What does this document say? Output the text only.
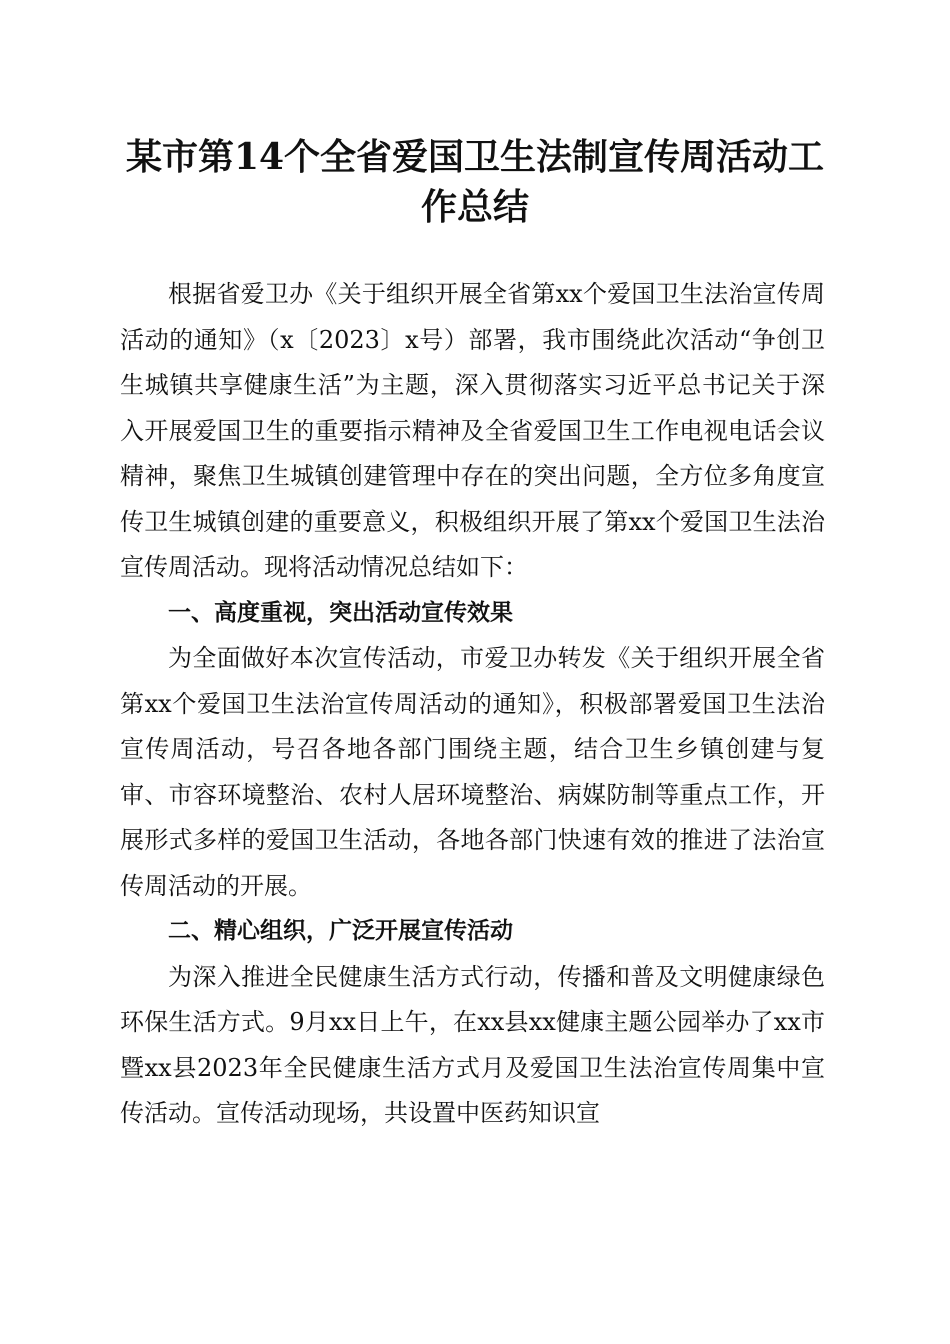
某市第14个全省爱国卫生法制宣传周活动工作总结

根据省爱卫办《关于组织开展全省第xx个爱国卫生法治宣传周活动的通知》（x〔2023〕x号）部署，我市围绕此次活动“争创卫生城镇共享健康生活”为主题，深入贯彻落实习近平总书记关于深入开展爱国卫生的重要指示精神及全省爱国卫生工作电视电话会议精神，聚焦卫生城镇创建管理中存在的突出问题，全方位多角度宣传卫生城镇创建的重要意义，积极组织开展了第xx个爱国卫生法治宣传周活动。现将活动情况总结如下：

一、高度重视，突出活动宣传效果

为全面做好本次宣传活动，市爱卫办转发《关于组织开展全省第xx个爱国卫生法治宣传周活动的通知》，积极部署爱国卫生法治宣传周活动，号召各地各部门围绕主题，结合卫生乡镇创建与复审、市容环境整治、农村人居环境整治、病媒防制等重点工作，开展形式多样的爱国卫生活动，各地各部门快速有效的推进了法治宣传周活动的开展。

二、精心组织，广泛开展宣传活动

为深入推进全民健康生活方式行动，传播和普及文明健康绿色环保生活方式。9月xx日上午，在xx县xx健康主题公园举办了xx市暨xx县2023年全民健康生活方式月及爱国卫生法治宣传周集中宣传活动。宣传活动现场，共设置中医药知识宣
